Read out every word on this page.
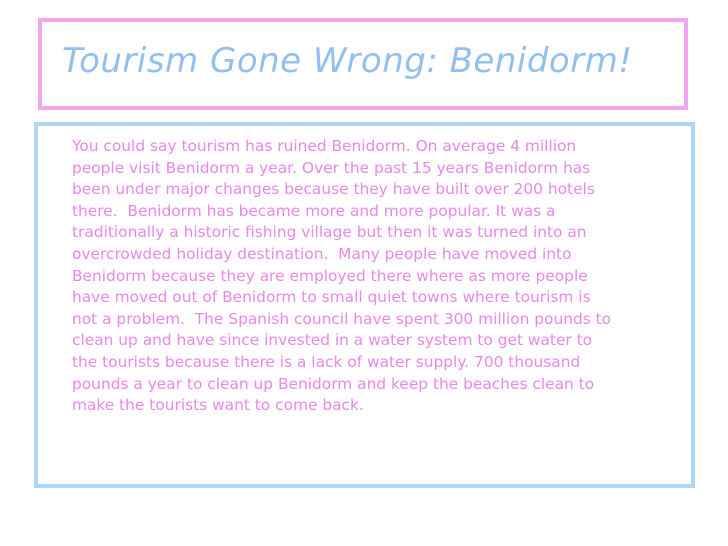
Tourism Gone Wrong: Benidorm!

You could say tourism has ruined Benidorm. On average 4 million
people visit Benidorm a year. Over the past 15 years Benidorm has
been under major changes because they have built over 200 hotels
there.  Benidorm has became more and more popular. It was a
traditionally a historic fishing village but then it was turned into an
overcrowded holiday destination.  Many people have moved into
Benidorm because they are employed there where as more people
have moved out of Benidorm to small quiet towns where tourism is
not a problem.  The Spanish council have spent 300 million pounds to
clean up and have since invested in a water system to get water to
the tourists because there is a lack of water supply. 700 thousand
pounds a year to clean up Benidorm and keep the beaches clean to
make the tourists want to come back.
